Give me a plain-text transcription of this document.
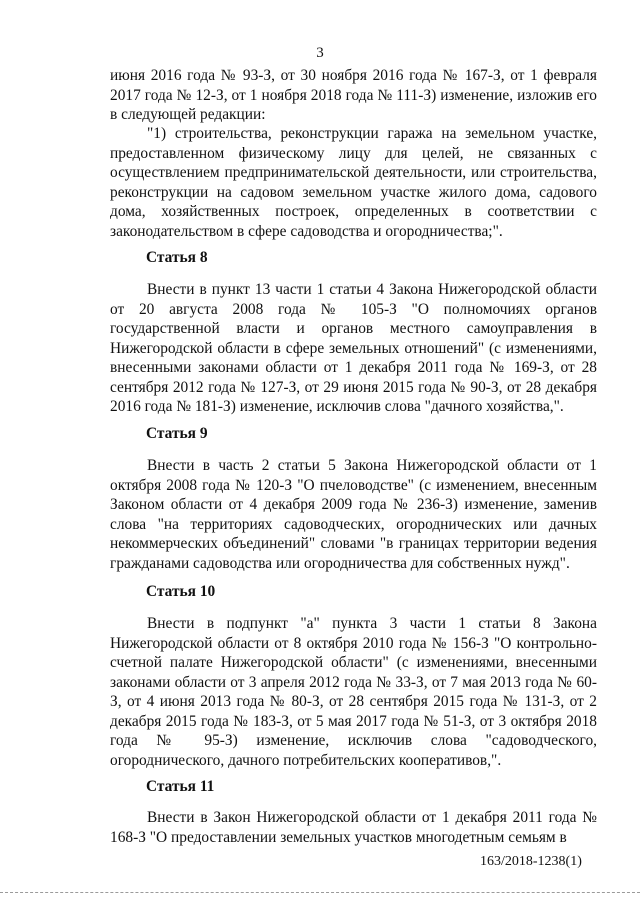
3

июня 2016 года № 93-З, от 30 ноября 2016 года № 167-З, от 1 февраля 2017 года № 12-З, от 1 ноября 2018 года № 111-З) изменение, изложив его в следующей редакции:

"1) строительства, реконструкции гаража на земельном участке, предоставленном физическому лицу для целей, не связанных с осуществлением предпринимательской деятельности, или строительства, реконструкции на садовом земельном участке жилого дома, садового дома, хозяйственных построек, определенных в соответствии с законодательством в сфере садоводства и огородничества;".

Статья 8

Внести в пункт 13 части 1 статьи 4 Закона Нижегородской области от 20 августа 2008 года № 105-З "О полномочиях органов государственной власти и органов местного самоуправления в Нижегородской области в сфере земельных отношений" (с изменениями, внесенными законами области от 1 декабря 2011 года № 169-З, от 28 сентября 2012 года № 127-З, от 29 июня 2015 года № 90-З, от 28 декабря 2016 года № 181-З) изменение, исключив слова "дачного хозяйства,".

Статья 9

Внести в часть 2 статьи 5 Закона Нижегородской области от 1 октября 2008 года № 120-З "О пчеловодстве" (с изменением, внесенным Законом области от 4 декабря 2009 года № 236-З) изменение, заменив слова "на территориях садоводческих, огороднических или дачных некоммерческих объединений" словами "в границах территории ведения гражданами садоводства или огородничества для собственных нужд".

Статья 10

Внести в подпункт "а" пункта 3 части 1 статьи 8 Закона Нижегородской области от 8 октября 2010 года № 156-З "О контрольно-счетной палате Нижегородской области" (с изменениями, внесенными законами области от 3 апреля 2012 года № 33-З, от 7 мая 2013 года № 60-З, от 4 июня 2013 года № 80-З, от 28 сентября 2015 года № 131-З, от 2 декабря 2015 года № 183-З, от 5 мая 2017 года № 51-З, от 3 октября 2018 года № 95-З) изменение, исключив слова "садоводческого, огороднического, дачного потребительских кооперативов,".

Статья 11

Внести в Закон Нижегородской области от 1 декабря 2011 года № 168-З "О предоставлении земельных участков многодетным семьям в

163/2018-1238(1)
